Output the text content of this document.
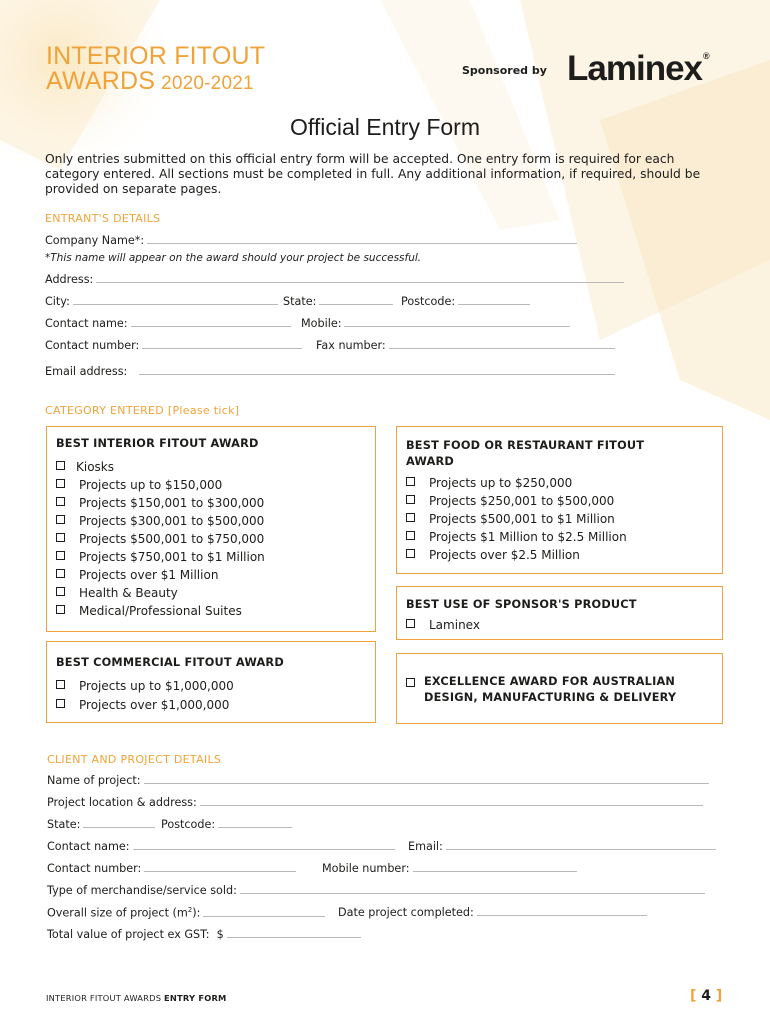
INTERIOR FITOUT
AWARDS 2020-2021
Sponsored by Laminex®
Official Entry Form
Only entries submitted on this official entry form will be accepted. One entry form is required for each category entered. All sections must be completed in full. Any additional information, if required, should be provided on separate pages.
ENTRANT'S DETAILS
Company Name*:
*This name will appear on the award should your project be successful.
Address:
City:	State:	Postcode:
Contact name:	Mobile:
Contact number:	Fax number:
Email address:
CATEGORY ENTERED [Please tick]
BEST INTERIOR FITOUT AWARD
Kiosks
Projects up to $150,000
Projects $150,001 to $300,000
Projects $300,001 to $500,000
Projects $500,001 to $750,000
Projects $750,001 to $1 Million
Projects over $1 Million
Health & Beauty
Medical/Professional Suites
BEST FOOD OR RESTAURANT FITOUT
AWARD
Projects up to $250,000
Projects $250,001 to $500,000
Projects $500,001 to $1 Million
Projects $1 Million to $2.5 Million
Projects over $2.5 Million
BEST USE OF SPONSOR'S PRODUCT
Laminex
BEST COMMERCIAL FITOUT AWARD
Projects up to $1,000,000
Projects over $1,000,000
EXCELLENCE AWARD FOR AUSTRALIAN
DESIGN, MANUFACTURING & DELIVERY
CLIENT AND PROJECT DETAILS
Name of project:
Project location & address:
State:	Postcode:
Contact name:	Email:
Contact number:	Mobile number:
Type of merchandise/service sold:
Overall size of project $(m^2)$:	Date project completed:
Total value of project ex GST:  $
INTERIOR FITOUT AWARDS ENTRY FORM	[ 4 ]
